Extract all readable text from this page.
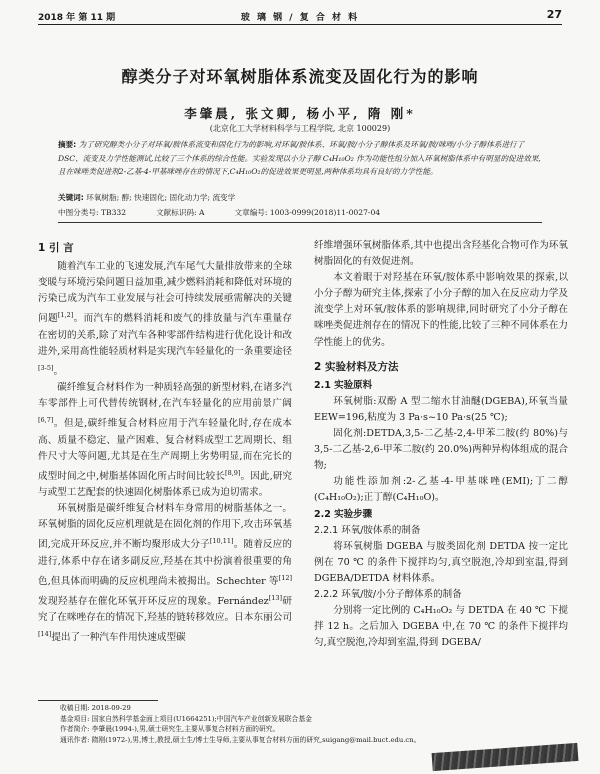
2018 年 第 11 期	玻 璃 钢 / 复 合 材 料	27
醇类分子对环氧树脂体系流变及固化行为的影响
李肇晨, 张文卿, 杨小平, 隋 刚*
(北京化工大学材料科学与工程学院, 北京 100029)
摘要: 为了研究醇类小分子对环氧/胺体系流变和固化行为的影响,对环氧/胺体系、环氧/胺/小分子醇体系及环氧/胺/咪唑/小分子醇体系进行了DSC、流变及力学性能测试,比较了三个体系的综合性能。实验发现以小分子醇 C₄H₁₀O₂ 作为功能性组分加入环氧树脂体系中有明显的促进效果,且在咪唑类促进剂2-乙基-4-甲基咪唑存在的情况下,C₄H₁₀O₂的促进效果更明显,两种体系均具有良好的力学性能。
关键词: 环氧树脂; 醇; 快速固化; 固化动力学; 流变学
中图分类号: TB332	文献标识码: A	文章编号: 1003-0999(2018)11-0027-04
1 引 言

随着汽车工业的飞速发展,汽车尾气大量排放带来的全球变暖与环境污染问题日益加重,减少燃料消耗和降低对环境的污染已成为汽车工业发展与社会可持续发展亟需解决的关键问题[1,2]。而汽车的燃料消耗和废气的排放量与汽车重量存在密切的关系,除了对汽车各种零部件结构进行优化设计和改进外,采用高性能轻质材料是实现汽车轻量化的一条重要途径[3-5]。

碳纤维复合材料作为一种质轻高强的新型材料,在诸多汽车零部件上可代替传统钢材,在汽车轻量化的应用前景广阔[6,7]。但是,碳纤维复合材料应用于汽车轻量化时,存在成本高、质量不稳定、量产困难、复合材料成型工艺周期长、组件尺寸大等问题,尤其是在生产周期上劣势明显,而在完长的成型时间之中,树脂基体固化所占时间比较长[8,9]。因此,研究与或型工艺配套的快速固化树脂体系已成为迫切需求。

环氧树脂是碳纤维复合材料车身常用的树脂基体之一。环氧树脂的固化反应机理就是在固化剂的作用下,攻击环氧基团,完成开环反应,并不断均聚形成大分子[10,11]。随着反应的进行,体系中存在诸多副反应,羟基在其中扮演着很重要的角色,但具体而明确的反应机理尚未被揭出。Schechter 等[12]发现羟基存在催化环氧开环反应的现象。Fernández[13]研究了在咪唑存在的情况下,羟基的链转移效应。日本东丽公司[14]提出了一种汽车件用快速成型碳

纤维增强环氧树脂体系,其中也提出含羟基化合物可作为环氧树脂固化的有效促进剂。

本文着眼于对羟基在环氧/胺体系中影响效果的探索,以小分子醇为研究主体,探索了小分子醇的加入在反应动力学及流变学上对环氧/胺体系的影响规律,同时研究了小分子醇在咪唑类促进剂存在的情况下的性能,比较了三种不同体系在力学性能上的优劣。

2 实验材料及方法
2.1 实验原料

环氧树脂:双酚 A 型二缩水甘油醚(DGEBA),环氧当量 EEW=196,粘度为 3 Pa·s~10 Pa·s(25 ℃);

固化剂:DETDA,3,5-二乙基-2,4-甲苯二胺(约 80%)与 3,5-二乙基-2,6-甲苯二胺(约 20.0%)两种异构体组成的混合物;

功能性添加剂:2-乙基-4-甲基咪唑(EMI);丁二醇(C₄H₁₀O₂);正丁醇(C₄H₁₀O)。

2.2 实验步骤
2.2.1 环氧/胺体系的制备

将环氧树脂 DGEBA 与胺类固化剂 DETDA 按一定比例在 70 ℃ 的条件下搅拌均匀,真空脱泡,冷却到室温,得到 DGEBA/DETDA 材料体系。

2.2.2 环氧/胺/小分子醇体系的制备

分别将一定比例的 C₄H₁₀O₂ 与 DETDA 在 40 ℃ 下搅拌 12 h。之后加入 DGEBA 中,在 70 ℃ 的条件下搅拌均匀,真空脱泡,冷却到室温,得到 DGEBA/

收稿日期: 2018-09-29
基金项目: 国家自然科学基金面上项目(U1664251);中国汽车产业创新发展联合基金
作者简介: 李肇晨(1994-),男,硕士研究生,主要从事复合材料方面的研究。
通讯作者: 隋刚(1972-),男,博士,教授,硕士生/博士生导师,主要从事复合材料方面的研究,suigang@mail.buct.edu.cn。
